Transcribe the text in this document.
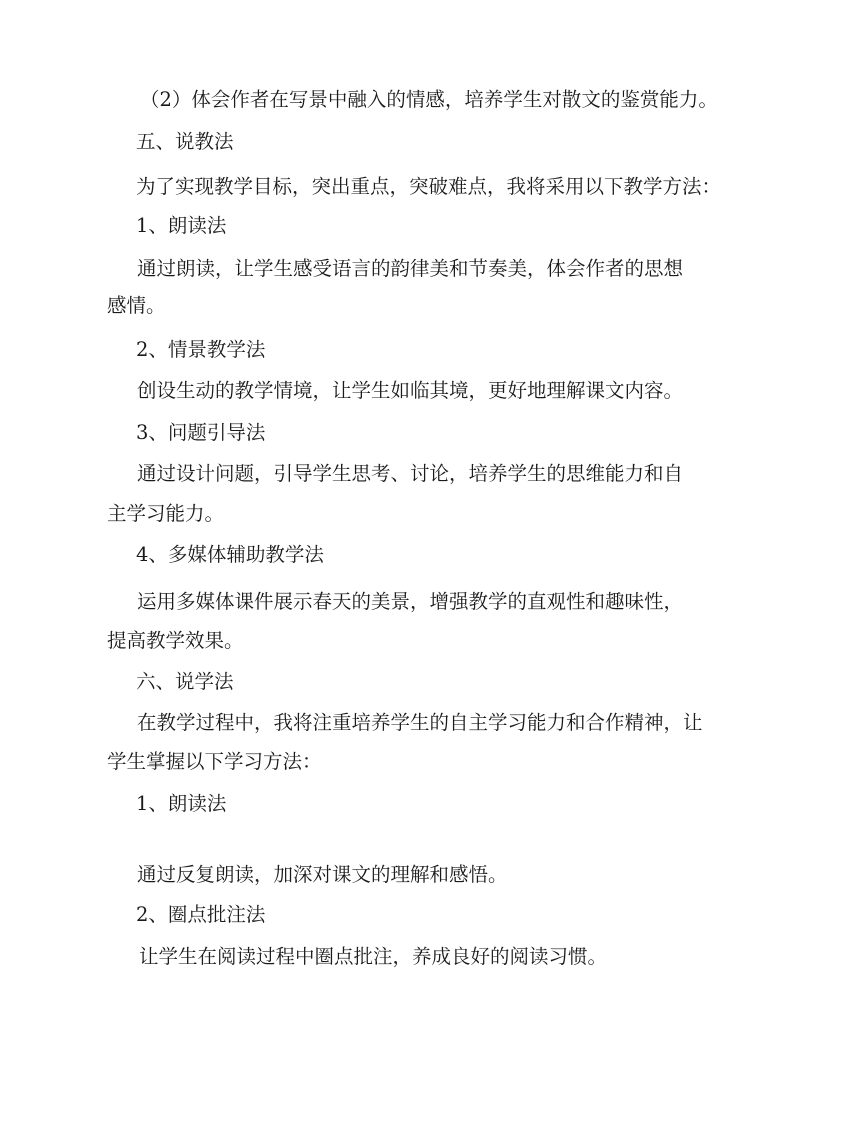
（2）体会作者在写景中融入的情感，培养学生对散文的鉴赏能力。

五、说教法

为了实现教学目标，突出重点，突破难点，我将采用以下教学方法：

1、朗读法

通过朗读，让学生感受语言的韵律美和节奏美，体会作者的思想

感情。

2、情景教学法

创设生动的教学情境，让学生如临其境，更好地理解课文内容。

3、问题引导法

通过设计问题，引导学生思考、讨论，培养学生的思维能力和自

主学习能力。

4、多媒体辅助教学法

运用多媒体课件展示春天的美景，增强教学的直观性和趣味性，

提高教学效果。

六、说学法

在教学过程中，我将注重培养学生的自主学习能力和合作精神，让

学生掌握以下学习方法：

1、朗读法

通过反复朗读，加深对课文的理解和感悟。

2、圈点批注法

让学生在阅读过程中圈点批注，养成良好的阅读习惯。
